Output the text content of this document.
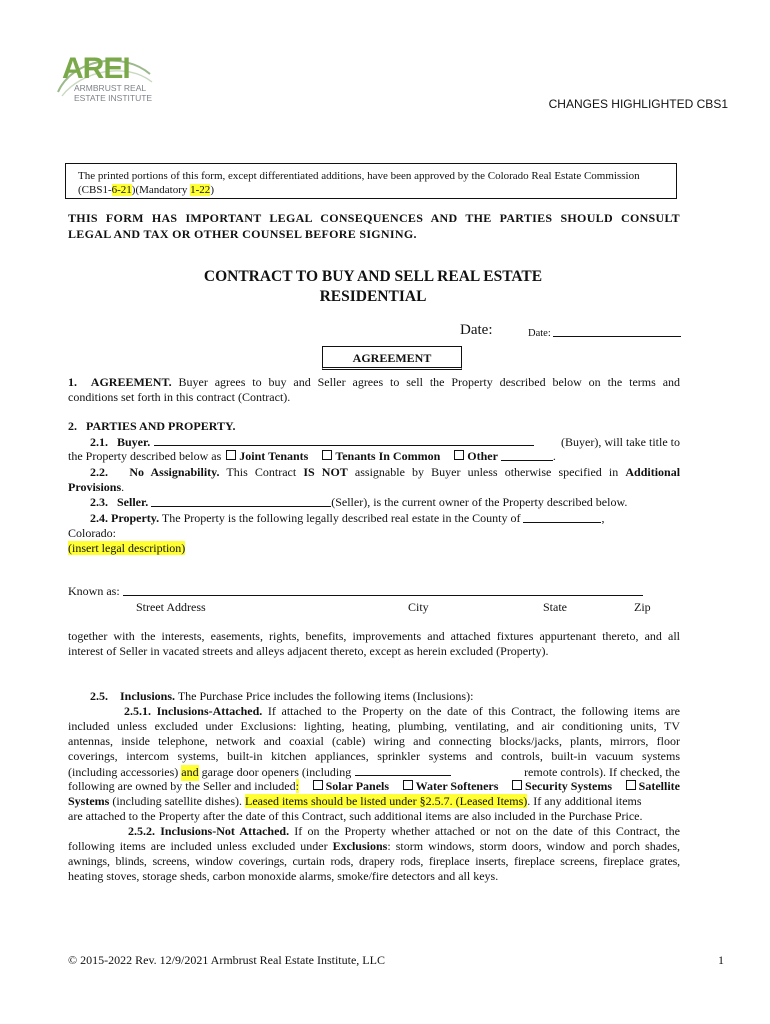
AREI
ARMBRUST REAL
ESTATE INSTITUTE	CHANGES HIGHLIGHTED CBS1
The printed portions of this form, except differentiated additions, have been approved by the Colorado Real Estate Commission
(CBS1-6-21)(Mandatory 1-22)
THIS FORM HAS IMPORTANT LEGAL CONSEQUENCES AND THE PARTIES SHOULD CONSULT
LEGAL AND TAX OR OTHER COUNSEL BEFORE SIGNING.
CONTRACT TO BUY AND SELL REAL ESTATE
RESIDENTIAL
Date:	Date:
AGREEMENT
1. AGREEMENT. Buyer agrees to buy and Seller agrees to sell the Property described below on the terms and
conditions set forth in this contract (Contract).
2.   PARTIES AND PROPERTY.
2.1.
Buyer.	(Buyer), will take title to
the Property described below as Joint Tenants Tenants In Common Other	.
2.2. No Assignability. This Contract IS NOT assignable by Buyer unless otherwise specified in Additional
Provisions.
2.3. Seller.	(Seller), is the current owner of the Property described below.
2.4. Property. The Property is the following legally described real estate in the County of	,
Colorado:
(insert legal description)
Known as:
Street Address	City	State	Zip
together with the interests, easements, rights, benefits, improvements and attached fixtures appurtenant thereto, and all
interest of Seller in vacated streets and alleys adjacent thereto, except as herein excluded (Property).
2.5. Inclusions. The Purchase Price includes the following items (Inclusions):
2.5.1. Inclusions-Attached. If attached to the Property on the date of this Contract, the following items are
included unless excluded under Exclusions: lighting, heating, plumbing, ventilating, and air conditioning units, TV
antennas, inside telephone, network and coaxial (cable) wiring and connecting blocks/jacks, plants, mirrors, floor
coverings, intercom systems, built-in kitchen appliances, sprinkler systems and controls, built-in vacuum systems
(including accessories)
and
garage door openers (including	remote controls). If checked, the
following are owned by the Seller and included:	Solar Panels	Water Softeners	Security Systems	Satellite
Systems (including satellite dishes). Leased items should be listed under §2.5.7. (Leased Items). If any additional items
are attached to the Property after the date of this Contract, such additional items are also included in the Purchase Price.
2.5.2. Inclusions-Not Attached. If on the Property whether attached or not on the date of this Contract, the
following items are included unless excluded under Exclusions: storm windows, storm doors, window and porch shades,
awnings, blinds, screens, window coverings, curtain rods, drapery rods, fireplace inserts, fireplace screens, fireplace grates,
heating stoves, storage sheds, carbon monoxide alarms, smoke/fire detectors and all keys.
© 2015-2022 Rev. 12/9/2021 Armbrust Real Estate Institute, LLC	1
